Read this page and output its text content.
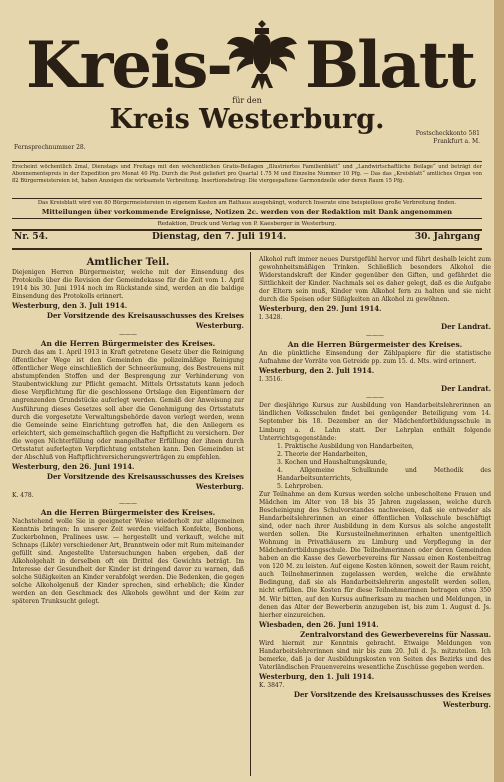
Kreis- Blatt
für den
Kreis Westerburg.
Fernsprechnummer 28.
Postscheckkonto 581
Frankfurt a. M.
Erscheint wöchentlich 2mal, Dienstags und Freitags mit den wöchentlichen Gratis-Beilagen „Illustriertes Familienblatt“ und „Landwirtschaftliche Beilage“ und beträgt der Abonnementspreis in der Expedition pro Monat 40 Pfg. Durch die Post geliefert pro Quartal 1.75 M und Einzelne Nummer 10 Pfg. — Das das „Kreisblatt“ amtliches Organ von 82 Bürgermeistereien ist, haben Anzeigen die wirksamste Verbreitung. Insertionsbetrag: Die viergespaltene Garmondzeile oder deren Raum 15 Pfg.
Das Kreisblatt wird von 80 Bürgermeistereien in eigenem Kasten am Rathaus ausgehängt, wodurch Inserate eine beispiellose große Verbreitung finden.
Mitteilungen über vorkommende Ereignisse, Notizen 2c. werden von der Redaktion mit Dank angenommen
Redaktion, Druck und Verlag von P. Kaesberger in Westerburg.
Nr. 54.	Dienstag, den 7. Juli 1914.	30. Jahrgang

Amtlicher Teil.

Diejenigen Herren Bürgermeister, welche mit der Einsendung des Protokolls über die Revision der Gemeindekasse für die Zeit vom 1. April 1914 bis 30. Juni 1914 noch im Rückstande sind, werden an die baldige Einsendung des Protokolls erinnert.

Westerburg, den 3. Juli 1914.

Der Vorsitzende des Kreisausschusses des Kreises Westerburg.

———

An die Herren Bürgermeister des Kreises.

Durch das am 1. April 1913 in Kraft getretene Gesetz über die Reinigung öffentlicher Wege ist den Gemeinden die polizeimäßige Reinigung öffentlicher Wege einschließlich der Schneeräumung, des Bestreuens mit abstumpfenden Stoffen und der Besprengung zur Verhinderung von Staubentwicklung zur Pflicht gemacht. Mittels Ortsstatuts kann jedoch diese Verpflichtung für die geschlossene Ortslage den Eigentümern der angrenzenden Grundstücke auferlegt werden. Gemäß der Anweisung zur Ausführung dieses Gesetzes soll aber die Genehmigung des Ortsstatuts durch die vorgesetzte Verwaltungsbehörde davon verlegt werden, wenn die Gemeinde seine Einrichtung getroffen hat, die den Anliegern es erleichtert, sich gemeinschaftlich gegen die Haftpflicht zu versichern. Der die wegen Nichterfüllung oder mangelhafter Erfüllung der ihnen durch Ortsstatut auferlegten Verpflichtung entstehen kann. Den Gemeinden ist der Abschluß von Haftpflichtversicherungsverträgen zu empfehlen.

Westerburg, den 26. Juni 1914.

Der Vorsitzende des Kreisausschusses des Kreises Westerburg.

K. 478.

———

An die Herren Bürgermeister des Kreises.

Nachstehend wolle Sie in geeigneter Weise wiederholt zur allgemeinen Kenntnis bringen: In unserer Zeit werden vielfach Konfekte, Bonbons, Zuckerbohnen, Pralinees usw. — hergestellt und verkauft, welche mit Schnaps (Likör) verschiedener Art, Branntwein oder mit Rum miteinander gefüllt sind. Angestellte Untersuchungen haben ergeben, daß der Alkoholgehalt in derselben oft ein Drittel des Gewichts beträgt. Im Interesse der Gesundheit der Kinder ist dringend davor zu warnen, daß solche Süßigkeiten an Kinder verabfolgt werden. Die Bedenken, die gegen solche Alkoholgenuß der Kinder sprechen, sind erheblich; die Kinder werden an den Geschmack des Alkohols gewöhnt und der Keim zur späteren Trunksucht gelegt.

Alkohol ruft immer neues Durstgefühl hervor und führt deshalb leicht zum gewohnheitsmäßigen Trinken. Schließlich besonders Alkohol die Widerstandskraft der Kinder gegenüber den Giften, und gefährdet die Sittlichkeit der Kinder. Nachmals sei es daher gelegt, daß es die Aufgabe der Eltern sein muß, Kinder vom Alkohol fern zu halten und sie nicht durch die Speisen oder Süßigkeiten an Alkohol zu gewöhnen.

Westerburg, den 29. Juni 1914.

I. 3428.

Der Landrat.

———

An die Herren Bürgermeister des Kreises.

An die pünktliche Einsendung der Zählpapiere für die statistische Aufnahme der Vorräte von Getreide pp. zum 15. d. Mts. wird erinnert.

Westerburg, den 2. Juli 1914.

I. 3516.

Der Landrat.

———

Der diesjährige Kursus zur Ausbildung von Handarbeitslehrerinnen an ländlichen Volksschulen findet bei genügender Beteiligung vom 14. September bis 18. Dezember an der Mädchenfortbildungsschule in Limburg a. d. Lahn statt. Der Lehrplan enthält folgende Unterrichtsgegenstände:

1. Praktische Ausbildung von Handarbeiten,

2. Theorie der Handarbeiten,

3. Kochen und Haushaltungskunde,

4. Allgemeine Schulkunde und Methodik des Handarbeitsunterrichts,

5. Lehrproben.

Zur Teilnahme an dem Kursus werden solche unbescholtene Frauen und Mädchen im Alter von 18 bis 35 Jahren zugelassen, welche durch Bescheinigung des Schulvorstandes nachweisen, daß sie entweder als Handarbeitslehrerinnen an einer öffentlichen Volksschule beschäftigt sind, oder nach ihrer Ausbildung in dem Kursus als solche angestellt werden sollen. Die Kursusteilnehmerinnen erhalten unentgeltlich Wohnung in Privathäusern zu Limburg und Verpflegung in der Mädchenfortbildungsschule. Die Teilnehmerinnen oder deren Gemeinden haben an die Kasse des Gewerbevereins für Nassau einen Kostenbeitrag von 120 M. zu leisten. Auf eigene Kosten können, soweit der Raum reicht, auch Teilnehmerinnen zugelassen werden, welche die erwähnte Bedingung, daß sie als Handarbeitslehrerin angestellt werden sollen, nicht erfüllen. Die Kosten für diese Teilnehmerinnen betragen etwa 350 M. Wir bitten, auf den Kursus aufmerksam zu machen und Meldungen, in denen das Alter der Bewerberin anzugeben ist, bis zum 1. August d. Js. hierher einzureichen.

Wiesbaden, den 26. Juni 1914.

Zentralvorstand des Gewerbevereins für Nassau.

Wird hiermit zur Kenntnis gebracht. Etwaige Meldungen von Handarbeitslehrerinnen sind mir bis zum 20. Juli d. Js. mitzuteilen. Ich bemerke, daß ja der Ausbildungskosten von Seiten des Bezirks und des Vaterländischen Frauenvereins wesentliche Zuschüsse gegeben werden.

Westerburg, den 1. Juli 1914.

K. 3847.

Der Vorsitzende des Kreisausschusses des Kreises Westerburg.
